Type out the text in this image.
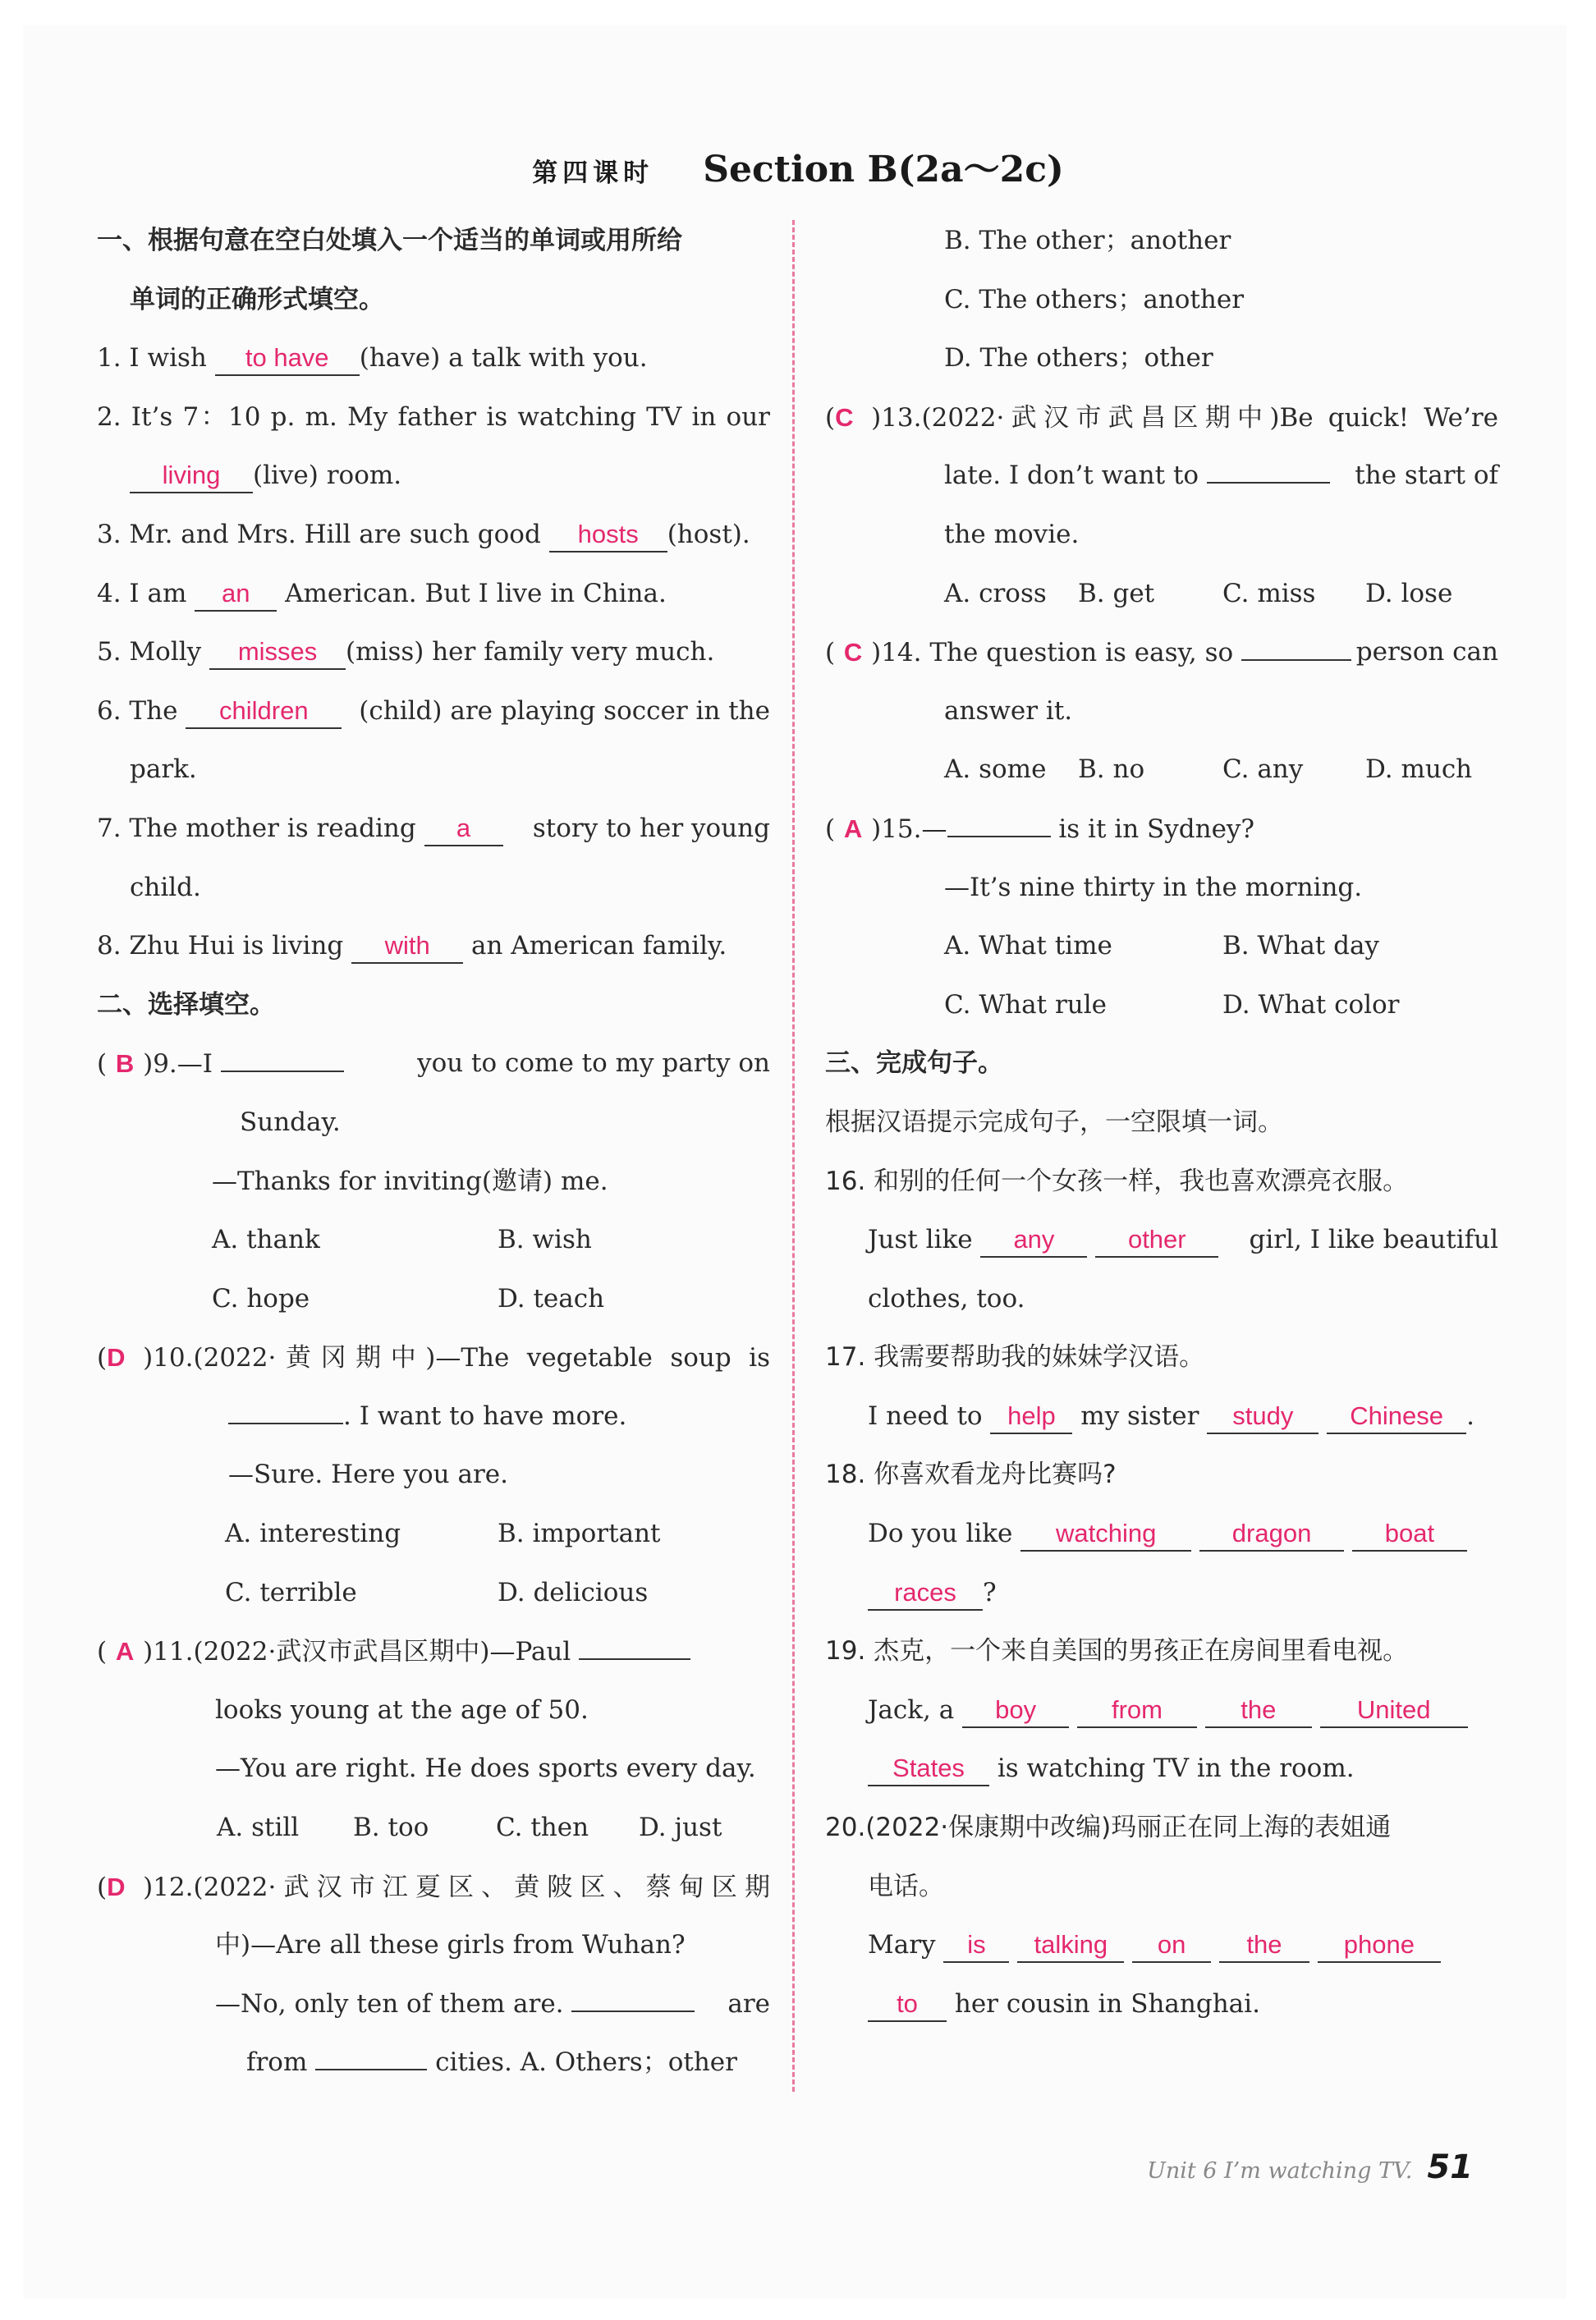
第四课时 Section B(2a～2c)
一、根据句意在空白处填入一个适当的单词或用所给
单词的正确形式填空。
1. I wish to have (have) a talk with you.
2. It’s 7：10 p. m. My father is watching TV in our
living (live) room.
3. Mr. and Mrs. Hill are such good hosts (host).
4. I am an American. But I live in China.
5. Molly misses (miss) her family very much.
6. The children	(child) are playing soccer in the
park.
7. The mother is reading a	story to her young
child.
8. Zhu Hui is living with an American family.
二、选择填空。
( B )9.—I	you to come to my party on
Sunday.
—Thanks for inviting(邀请) me.
A. thank	B. wish
C. hope	D. teach
(D )10.(2022·黄冈期中)—The vegetable soup is
. I want to have more.
—Sure. Here you are.
A. interesting	B. important
C. terrible	D. delicious
( A )11.(2022·武汉市武昌区期中)—Paul
looks young at the age of 50.
—You are right. He does sports every day.
A. still B. too	C. then D. just
(D )12.(2022·武汉市江夏区、黄陂区、蔡甸区期
中)—Are all these girls from Wuhan?
—No, only ten of them are.	are
from	cities. A. Others；other
B. The other；another
C. The others；another
D. The others；other
(C )13.(2022·武汉市武昌区期中)Be quick! We’re
late. I don’t want to	the start of
the movie.
A. cross B. get	C. miss D. lose
( C )14. The question is easy, so	person can
answer it.
A. some B. no	C. any D. much
( A )15.—	is it in Sydney?
—It’s nine thirty in the morning.
A. What time	B. What day
C. What rule	D. What color
三、完成句子。
根据汉语提示完成句子，一空限填一词。
16. 和别的任何一个女孩一样，我也喜欢漂亮衣服。
Just like any	other	girl, I like beautiful
clothes, too.
17. 我需要帮助我的妹妹学汉语。
I need to help my sister study Chinese .
18. 你喜欢看龙舟比赛吗?
Do you like watching	dragon	boat
races ?
19. 杰克，一个来自美国的男孩正在房间里看电视。
Jack, a boy	from	the	United
States is watching TV in the room.
20.(2022·保康期中改编)玛丽正在同上海的表姐通
电话。
Mary is talking on the phone
to her cousin in Shanghai.
Unit 6 I’m watching TV. 51
